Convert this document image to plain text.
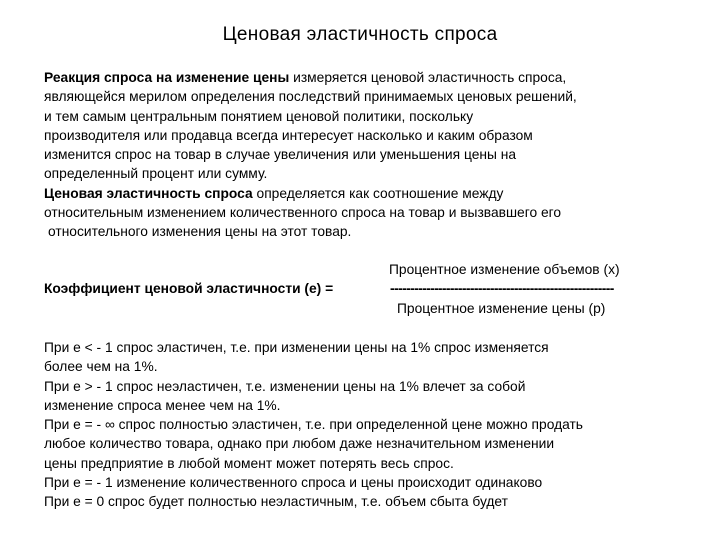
Ценовая эластичность спроса

Реакция спроса на изменение цены измеряется ценовой эластичность спроса,

являющейся мерилом определения последствий принимаемых ценовых решений,

и тем самым центральным понятием ценовой политики, поскольку

производителя или продавца всегда интересует насколько и каким образом

изменится спрос на товар в случае увеличения или уменьшения цены на

определенный процент или сумму.

Ценовая эластичность спроса определяется как соотношение между

относительным изменением количественного спроса на товар и вызвавшего его

относительного изменения цены на этот товар.

Процентное изменение объемов (х)
Коэффициент ценовой эластичности (е) =	--------------------------------------------------------
Процентное изменение цены (р)

При е < - 1 спрос эластичен, т.е. при изменении цены на 1% спрос изменяется

более чем на 1%.

При е > - 1 спрос неэластичен, т.е. изменении цены на 1% влечет за собой

изменение спроса менее чем на 1%.

При е = - ∞ спрос полностью эластичен, т.е. при определенной цене можно продать

любое количество товара, однако при любом даже незначительном изменении

цены предприятие в любой момент может потерять весь спрос.

При е = - 1 изменение количественного спроса и цены происходит одинаково

При е = 0 спрос будет полностью неэластичным, т.е. объем сбыта будет
